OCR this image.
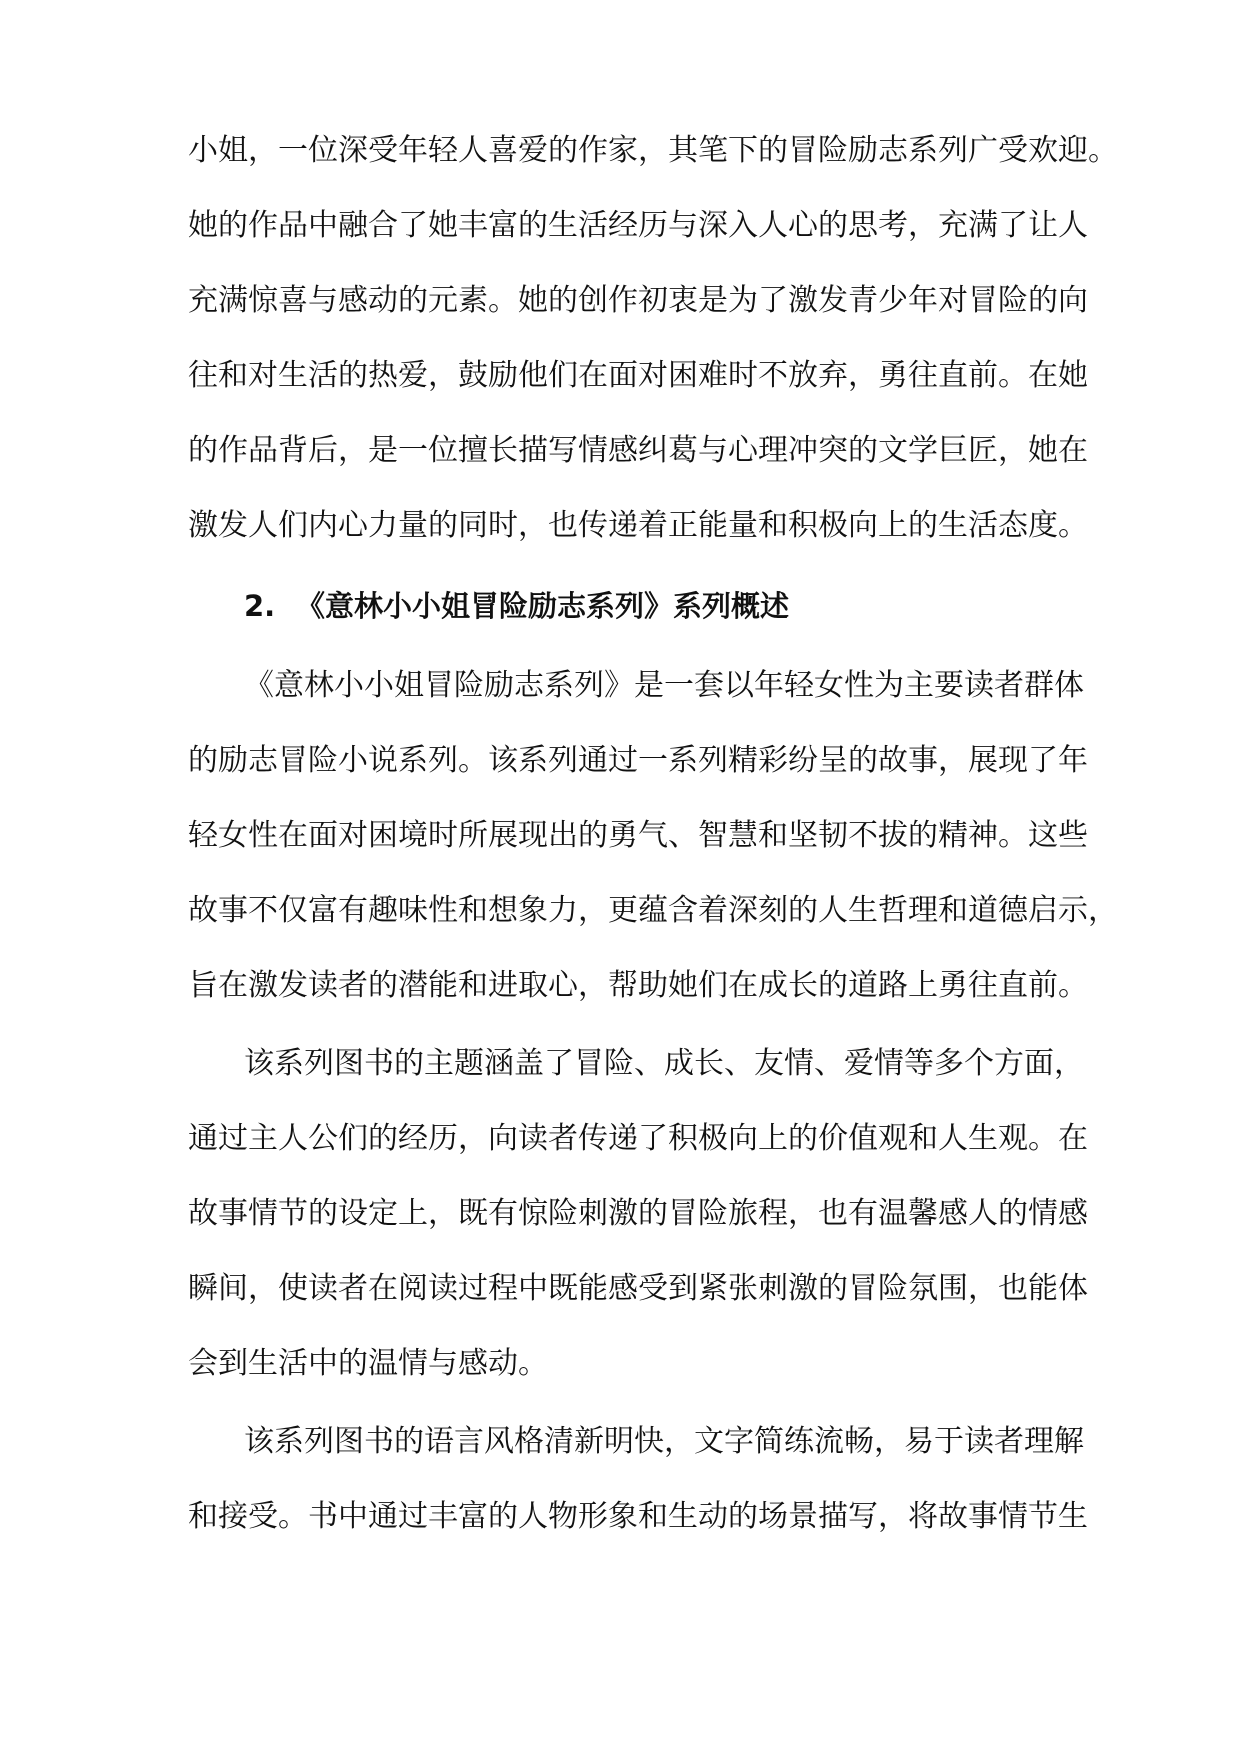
小姐，一位深受年轻人喜爱的作家，其笔下的冒险励志系列广受欢迎。
她的作品中融合了她丰富的生活经历与深入人心的思考，充满了让人
充满惊喜与感动的元素。她的创作初衷是为了激发青少年对冒险的向
往和对生活的热爱，鼓励他们在面对困难时不放弃，勇往直前。在她
的作品背后，是一位擅长描写情感纠葛与心理冲突的文学巨匠，她在
激发人们内心力量的同时，也传递着正能量和积极向上的生活态度。
2. 《意林小小姐冒险励志系列》系列概述
《意林小小姐冒险励志系列》是一套以年轻女性为主要读者群体
的励志冒险小说系列。该系列通过一系列精彩纷呈的故事，展现了年
轻女性在面对困境时所展现出的勇气、智慧和坚韧不拔的精神。这些
故事不仅富有趣味性和想象力，更蕴含着深刻的人生哲理和道德启示，
旨在激发读者的潜能和进取心，帮助她们在成长的道路上勇往直前。
该系列图书的主题涵盖了冒险、成长、友情、爱情等多个方面，
通过主人公们的经历，向读者传递了积极向上的价值观和人生观。在
故事情节的设定上，既有惊险刺激的冒险旅程，也有温馨感人的情感
瞬间，使读者在阅读过程中既能感受到紧张刺激的冒险氛围，也能体
会到生活中的温情与感动。
该系列图书的语言风格清新明快，文字简练流畅，易于读者理解
和接受。书中通过丰富的人物形象和生动的场景描写，将故事情节生
